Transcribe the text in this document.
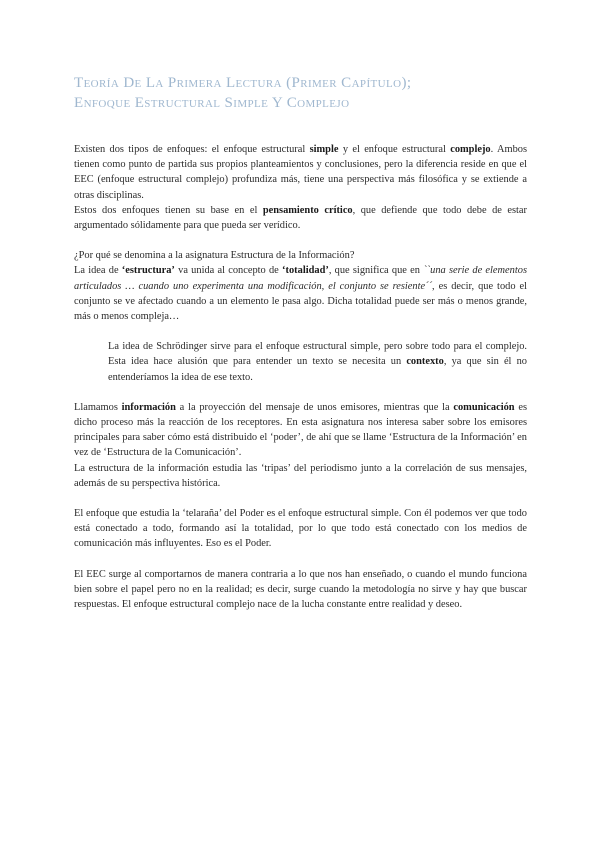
Teoría De La Primera Lectura (Primer Capítulo);
Enfoque Estructural Simple Y Complejo

Existen dos tipos de enfoques: el enfoque estructural simple y el enfoque estructural complejo. Ambos tienen como punto de partida sus propios planteamientos y conclusiones, pero la diferencia reside en que el EEC (enfoque estructural complejo) profundiza más, tiene una perspectiva más filosófica y se extiende a otras disciplinas.

Estos dos enfoques tienen su base en el pensamiento crítico, que defiende que todo debe de estar argumentado sólidamente para que pueda ser verídico.

¿Por qué se denomina a la asignatura Estructura de la Información?

La idea de ‘estructura’ va unida al concepto de ‘totalidad’, que significa que en ``una serie de elementos articulados … cuando uno experimenta una modificación, el conjunto se resiente´´, es decir, que todo el conjunto se ve afectado cuando a un elemento le pasa algo. Dicha totalidad puede ser más o menos grande, más o menos compleja…

La idea de Schrödinger sirve para el enfoque estructural simple, pero sobre todo para el complejo. Esta idea hace alusión que para entender un texto se necesita un contexto, ya que sin él no entenderíamos la idea de ese texto.

Llamamos información a la proyección del mensaje de unos emisores, mientras que la comunicación es dicho proceso más la reacción de los receptores. En esta asignatura nos interesa saber sobre los emisores principales para saber cómo está distribuido el ‘poder’, de ahí que se llame ‘Estructura de la Información’ en vez de ‘Estructura de la Comunicación’.

La estructura de la información estudia las ‘tripas’ del periodismo junto a la correlación de sus mensajes, además de su perspectiva histórica.

El enfoque que estudia la ‘telaraña’ del Poder es el enfoque estructural simple. Con él podemos ver que todo está conectado a todo, formando así la totalidad, por lo que todo está conectado con los medios de comunicación más influyentes. Eso es el Poder.

El EEC surge al comportarnos de manera contraria a lo que nos han enseñado, o cuando el mundo funciona bien sobre el papel pero no en la realidad; es decir, surge cuando la metodología no sirve y hay que buscar respuestas. El enfoque estructural complejo nace de la lucha constante entre realidad y deseo.
